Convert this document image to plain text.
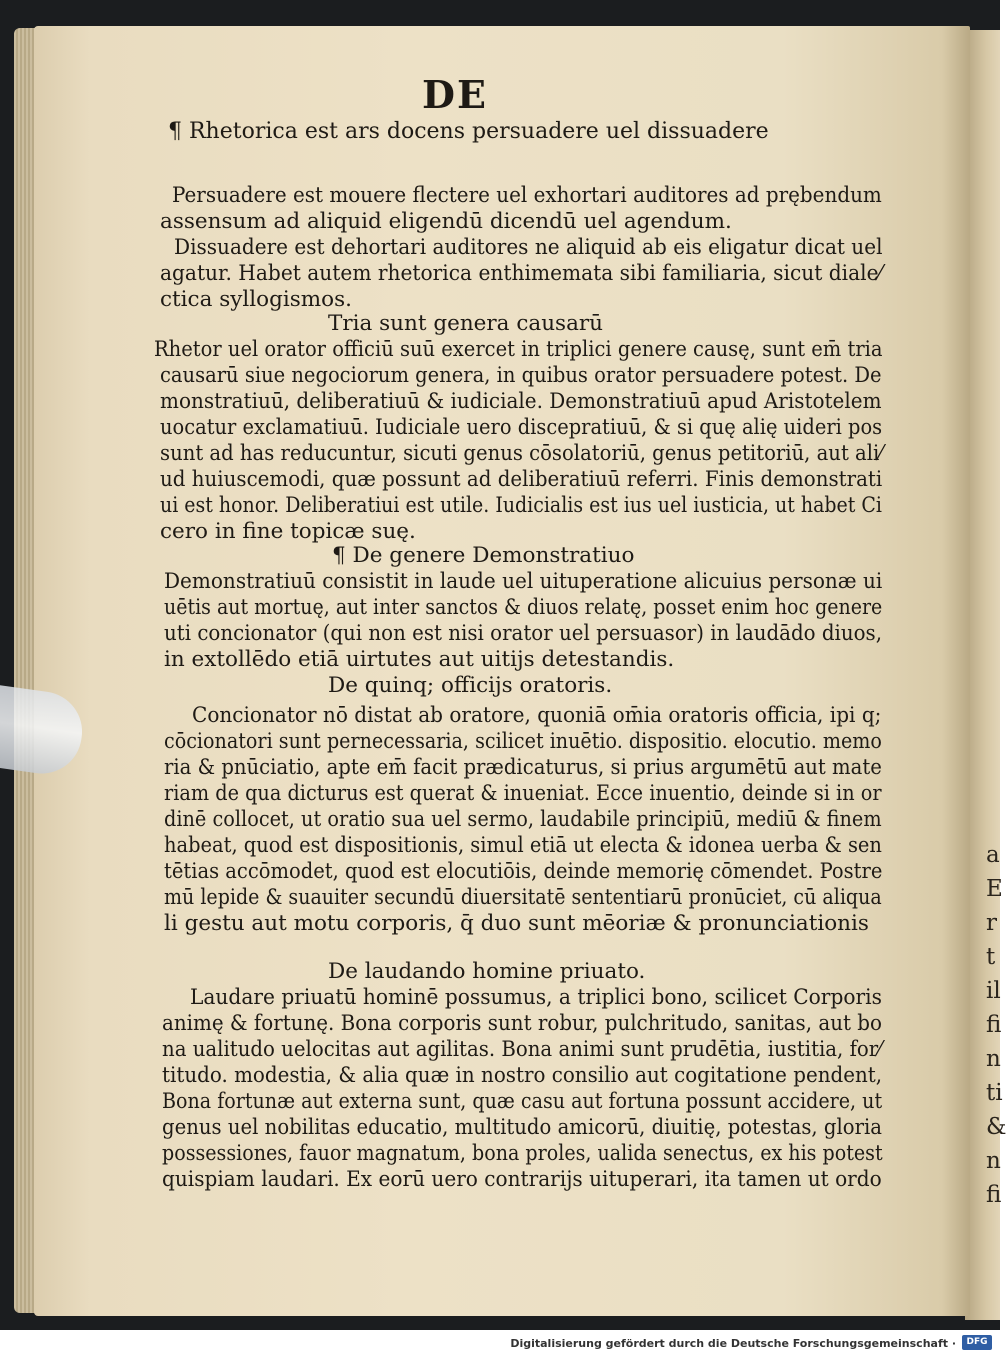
a
E
r
t
il
fi
n
ti
&
n
fi
DE
¶ Rhetorica est ars docens persuadere uel dissuadere
Persuadere est mouere flectere uel exhortari auditores ad prębendum
assensum ad aliquid eligendū dicendū uel agendum.
Dissuadere est dehortari auditores ne aliquid ab eis eligatur dicat uel
agatur. Habet autem rhetorica enthimemata sibi familiaria, sicut diale⁄
ctica syllogismos.
Tria sunt genera causarū
Rhetor uel orator officiū suū exercet in triplici genere causę, sunt em̄ tria
causarū siue negociorum genera, in quibus orator persuadere potest. De
monstratiuū, deliberatiuū & iudiciale. Demonstratiuū apud Aristotelem
uocatur exclamatiuū. Iudiciale uero discepratiuū, & si quę alię uideri pos
sunt ad has reducuntur, sicuti genus cōsolatoriū, genus petitoriū, aut ali⁄
ud huiuscemodi, quæ possunt ad deliberatiuū referri. Finis demonstrati
ui est honor. Deliberatiui est utile. Iudicialis est ius uel iusticia, ut habet Ci
cero in fine topicæ suę.
¶ De genere Demonstratiuo
Demonstratiuū consistit in laude uel uituperatione alicuius personæ ui
uētis aut mortuę, aut inter sanctos & diuos relatę, posset enim hoc genere
uti concionator (qui non est nisi orator uel persuasor) in laudādo diuos,
in extollēdo etiā uirtutes aut uitijs detestandis.
De quinq; officijs oratoris.
Concionator nō distat ab oratore, quoniā om̄ia oratoris officia, ipi q;
cōcionatori sunt pernecessaria, scilicet inuētio. dispositio. elocutio. memo
ria & pnūciatio, apte em̄ facit prædicaturus, si prius argumētū aut mate
riam de qua dicturus est querat & inueniat. Ecce inuentio, deinde si in or
dinē collocet, ut oratio sua uel sermo, laudabile principiū, mediū & finem
habeat, quod est dispositionis, simul etiā ut electa & idonea uerba & sen
tētias accōmodet, quod est elocutiōis, deinde memorię cōmendet. Postre
mū lepide & suauiter secundū diuersitatē sententiarū pronūciet, cū aliqua
li gestu aut motu corporis, q̄ duo sunt mēoriæ & pronunciationis
De laudando homine priuato.
Laudare priuatū hominē possumus, a triplici bono, scilicet Corporis
animę & fortunę. Bona corporis sunt robur, pulchritudo, sanitas, aut bo
na ualitudo uelocitas aut agilitas. Bona animi sunt prudētia, iustitia, for⁄
titudo. modestia, & alia quæ in nostro consilio aut cogitatione pendent,
Bona fortunæ aut externa sunt, quæ casu aut fortuna possunt accidere, ut
genus uel nobilitas educatio, multitudo amicorū, diuitię, potestas, gloria
possessiones, fauor magnatum, bona proles, ualida senectus, ex his potest
quispiam laudari. Ex eorū uero contrarijs uituperari, ita tamen ut ordo
Digitalisierung gefördert durch die Deutsche Forschungsgemeinschaft ·	DFG
